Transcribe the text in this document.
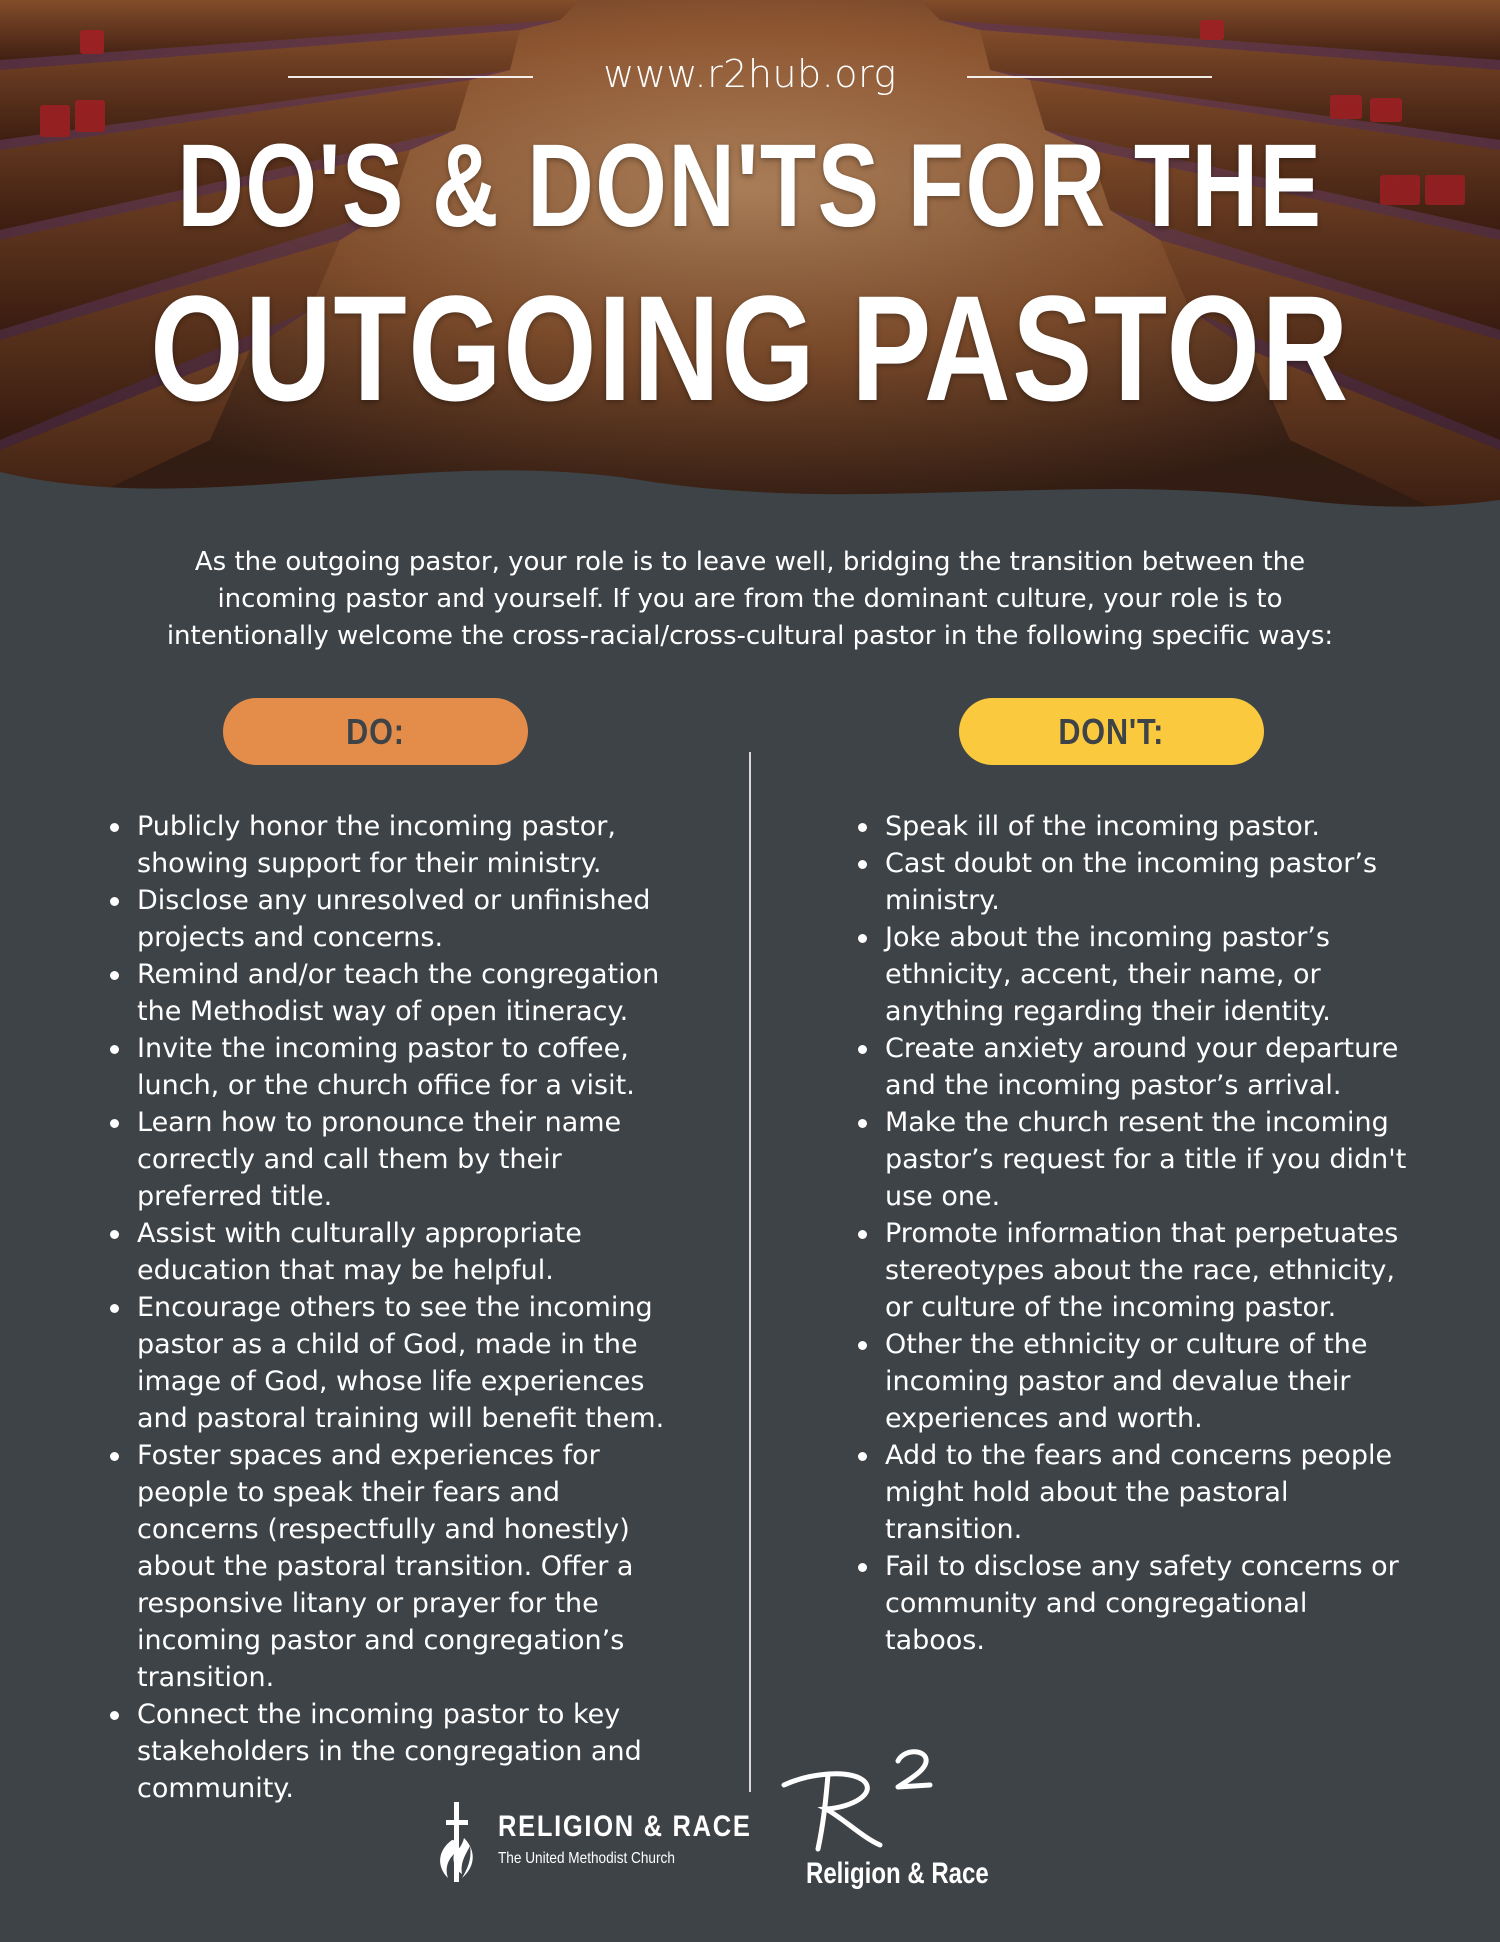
www.r2hub.org
DO'S & DON'TS FOR THE
OUTGOING PASTOR
As the outgoing pastor, your role is to leave well, bridging the transition between the incoming pastor and yourself. If you are from the dominant culture, your role is to intentionally welcome the cross-racial/cross-cultural pastor in the following specific ways:
DO:	DON'T:
Publicly honor the incoming pastor, showing support for their ministry.
Disclose any unresolved or unfinished projects and concerns.
Remind and/or teach the congregation the Methodist way of open itineracy.
Invite the incoming pastor to coffee, lunch, or the church office for a visit.
Learn how to pronounce their name correctly and call them by their preferred title.
Assist with culturally appropriate education that may be helpful.
Encourage others to see the incoming pastor as a child of God, made in the image of God, whose life experiences and pastoral training will benefit them.
Foster spaces and experiences for people to speak their fears and concerns (respectfully and honestly) about the pastoral transition. Offer a responsive litany or prayer for the incoming pastor and congregation’s transition.
Connect the incoming pastor to key stakeholders in the congregation and community.
Speak ill of the incoming pastor.
Cast doubt on the incoming pastor’s ministry.
Joke about the incoming pastor’s ethnicity, accent, their name, or anything regarding their identity.
Create anxiety around your departure and the incoming pastor’s arrival.
Make the church resent the incoming pastor’s request for a title if you didn't use one.
Promote information that perpetuates stereotypes about the race, ethnicity, or culture of the incoming pastor.
Other the ethnicity or culture of the incoming pastor and devalue their experiences and worth.
Add to the fears and concerns people might hold about the pastoral transition.
Fail to disclose any safety concerns or community and congregational taboos.
RELIGION & RACE
The United Methodist Church	Religion & Race
